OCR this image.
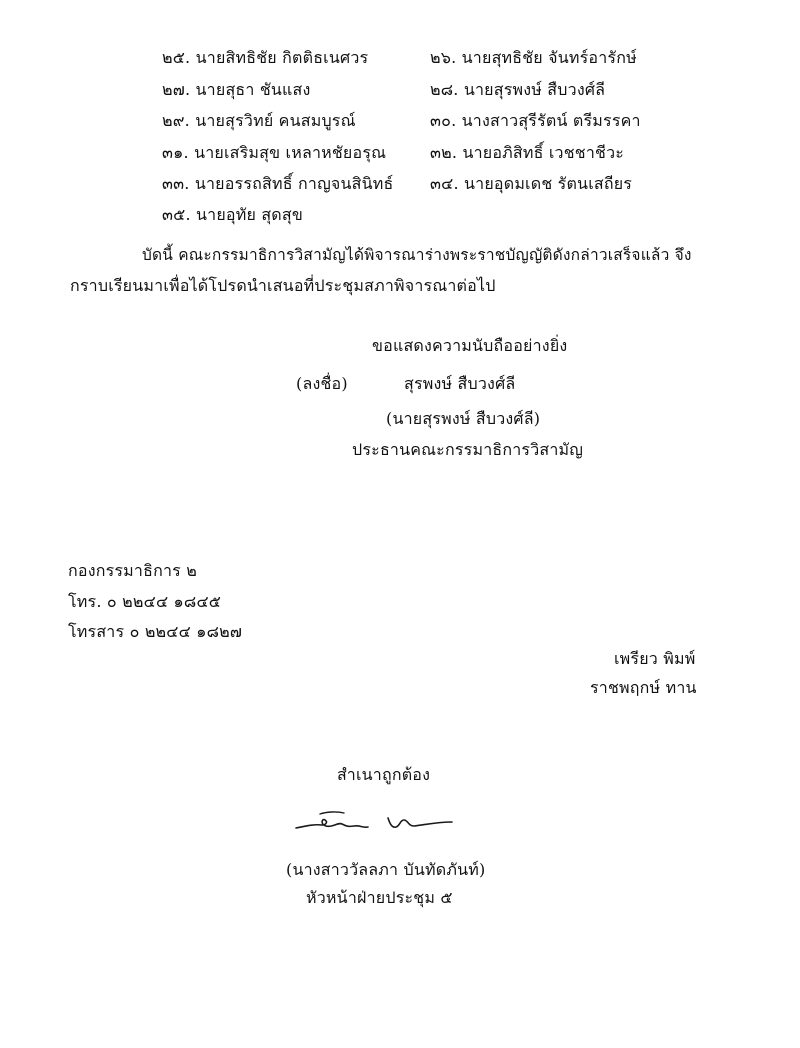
๒๕. นายสิทธิชัย กิตติธเนศวร	๒๖. นายสุทธิชัย จันทร์อารักษ์
๒๗. นายสุธา ชันแสง	๒๘. นายสุรพงษ์ สืบวงศ์ลี
๒๙. นายสุรวิทย์ คนสมบูรณ์	๓๐. นางสาวสุรีรัตน์ ตรีมรรคา
๓๑. นายเสริมสุข เหลาหชัยอรุณ	๓๒. นายอภิสิทธิ์ เวชชาชีวะ
๓๓. นายอรรถสิทธิ์ กาญจนสินิทธ์ ๓๔. นายอุดมเดช รัตนเสถียร
๓๕. นายอุทัย สุดสุข
บัดนี้ คณะกรรมาธิการวิสามัญได้พิจารณาร่างพระราชบัญญัติดังกล่าวเสร็จแล้ว จึง
กราบเรียนมาเพื่อได้โปรดนำเสนอที่ประชุมสภาพิจารณาต่อไป
ขอแสดงความนับถืออย่างยิ่ง
(ลงชื่อ)	สุรพงษ์ สืบวงศ์ลี
(นายสุรพงษ์ สืบวงศ์ลี)
ประธานคณะกรรมาธิการวิสามัญ
กองกรรมาธิการ ๒
โทร. ๐ ๒๒๔๔ ๑๘๔๕
โทรสาร ๐ ๒๒๔๔ ๑๘๒๗
เพรียว พิมพ์
ราชพฤกษ์ ทาน
สำเนาถูกต้อง
(นางสาววัลลภา บันทัดภันท์)
หัวหน้าฝ่ายประชุม ๕
